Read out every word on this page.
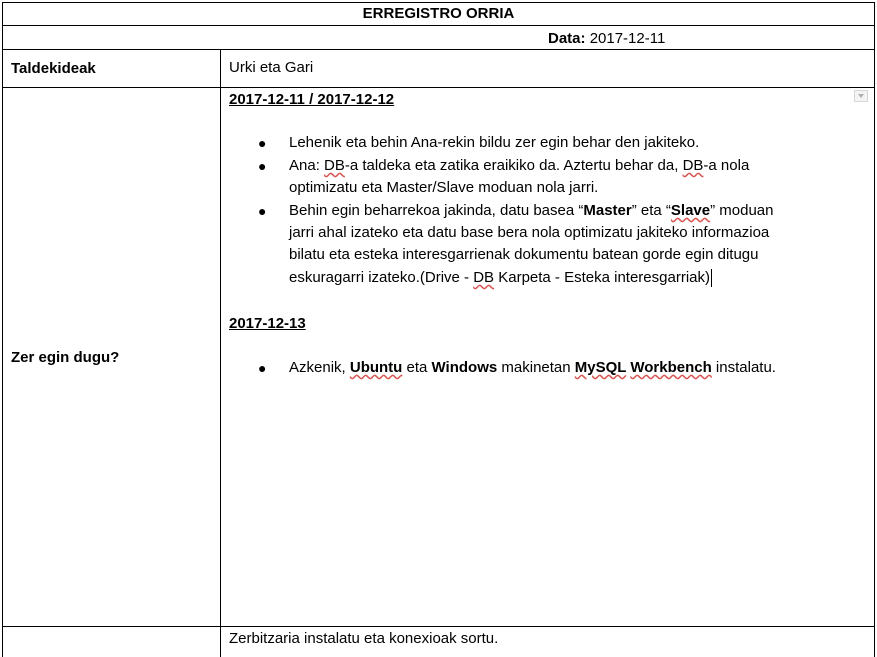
ERREGISTRO ORRIA
Data: 2017-12-11
Taldekideak	Urki eta Gari
Zer egin dugu?
2017-12-11 / 2017-12-12
● Lehenik eta behin Ana-rekin bildu zer egin behar den jakiteko.
● Ana: DB-a taldeka eta zatika eraikiko da. Aztertu behar da, DB-a nola
optimizatu eta Master/Slave moduan nola jarri.
● Behin egin beharrekoa jakinda, datu basea “Master” eta “Slave” moduan
jarri ahal izateko eta datu base bera nola optimizatu jakiteko informazioa
bilatu eta esteka interesgarrienak dokumentu batean gorde egin ditugu
eskuragarri izateko.(Drive - DB Karpeta - Esteka interesgarriak)
2017-12-13
● Azkenik, Ubuntu eta Windows makinetan MySQL Workbench instalatu.
Zerbitzaria instalatu eta konexioak sortu.
